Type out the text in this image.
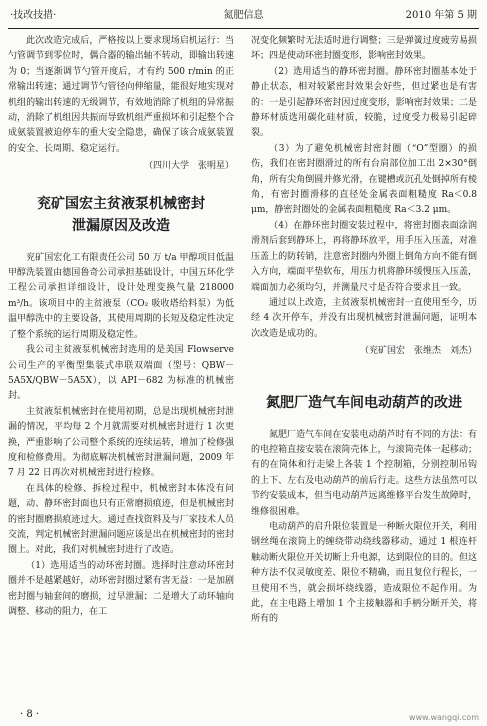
·技改技措·	氮肥信息	2010 年第 5 期

此次改造完成后，严格按以上要求现场启机运行：当勺管调节到零位时，偶合器的输出轴不转动，即输出转速为 0；当逐渐调节勺管开度后，才有约 500 r/min 的正常输出转速；通过调节勺管径向伸缩量，能很好地实现对机组的输出转速的无级调节，有效地消除了机组的异常振动，消除了机组因共振而导致机组严重损坏和引起整个合成氨装置被迫停车的重大安全隐患，确保了该合成氨装置的安全、长周期、稳定运行。

（四川大学　张明星）

兖矿国宏主贫液泵机械密封
泄漏原因及改造

兖矿国宏化工有限责任公司 50 万 t/a 甲醇项目低温甲醇洗装置由德国鲁奇公司承担基础设计，中国五环化学工程公司承担详细设计，设计处理变换气量 218000 m³/h。该项目中的主贫液泵（CO₂ 吸收塔给料泵）为低温甲醇洗中的主要设备，其使用周期的长短及稳定性决定了整个系统的运行周期及稳定性。

我公司主贫液泵机械密封选用的是美国 Flowserve 公司生产的平衡型集装式串联双端面（型号：QBW－5A5X/QBW－5A5X），以 API－682 为标准的机械密封。

主贫液泵机械密封在使用初期，总是出现机械密封泄漏的情况，平均每 2 个月就需要对机械密封进行 1 次更换，严重影响了公司整个系统的连续运转，增加了检修强度和检修费用。为彻底解决机械密封泄漏问题，2009 年 7 月 22 日再次对机械密封进行检修。

在具体的检修、拆检过程中，机械密封本体没有问题，动、静环密封面也只有正常磨损痕迹，但是机械密封的密封圈磨损痕迹过大。通过查找资料及与厂家技术人员交流，判定机械密封泄漏问题应该是出在机械密封的密封圈上。对此，我们对机械密封进行了改造。

（1）选用适当的动环密封圈。选择时注意动环密封圈并不是越紧越好，动环密封圈过紧有害无益：一是加剧密封圈与轴套间的磨损，过早泄漏；二是增大了动环轴向调整、移动的阻力，在工

况变化频繁时无法适时进行调整；三是弹簧过度疲劳易损坏；四是使动环密封圈变形，影响密封效果。

（2）选用适当的静环密封圈。静环密封圈基本处于静止状态，相对较紧密封效果会好些，但过紧也是有害的：一是引起静环密封因过度变形，影响密封效果；二是静环材质选用碳化硅材质，较脆，过度受力极易引起碎裂。

（3）为了避免机械密封密封圈（“O”型圈）的损伤，我们在密封圈滑过的所有台肩部位加工出 2×30°倒角，所有尖角倒圆并修光滑，在键槽或沉孔处倒掉所有棱角，有密封圈滑移的直径处金属表面粗糙度 Ra＜0.8 μm，静密封圈处的金属表面粗糙度 Ra＜3.2 μm。

（4）在静环密封圈安装过程中，将密封圈表面涂润滑剂后套到静环上，再将静环放平，用手压入压盖，对准压盖上的防转销，注意密封圈内外圈上倒角方向不能有倒入方向，端面平垫软布，用压力机将静环缓慢压入压盖，端面加力必须均匀，并测量尺寸是否符合要求且一致。

通过以上改造，主贫液泵机械密封一直使用至今，历经 4 次开停车，并没有出现机械密封泄漏问题，证明本次改造是成功的。

（兖矿国宏　张维杰　刘杰）

氮肥厂造气车间电动葫芦的改进

氮肥厂造气车间在安装电动葫芦时有不同的方法：有的电控箱直接安装在滚筒壳体上，与滚筒壳体一起移动；有的在筒体和行走梁上各装 1 个控制箱，分别控制吊钩的上下、左右及电动葫芦的前后行走。这些方法虽然可以节约安装成本，但当电动葫芦远离维修平台发生故障时，维修很困难。

电动葫芦的启升限位装置是一种断火限位开关，利用钢丝绳在滚筒上的缠绕带动绕线器移动，通过 1 根连杆触动断火限位开关切断上升电源，达到限位的目的。但这种方法不仅灵敏度差、限位不精确，而且复位行程长，一旦使用不当，就会损坏绕线器，造成限位不起作用。为此，在主电路上增加 1 个主接触器和手柄分断开关，将所有的

· 8 ·	www.wangqi.com
